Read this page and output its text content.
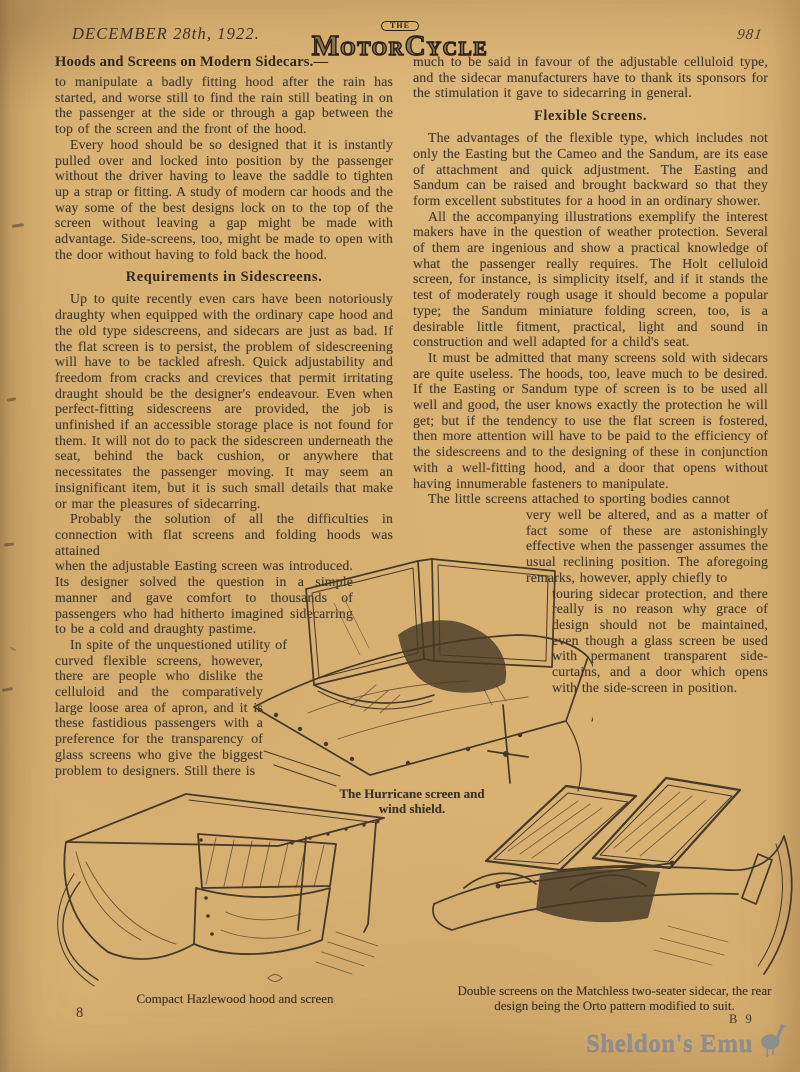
DECEMBER 28th, 1922.	THE
MOTORCYCLE
981
Hoods and Screens on Modern Sidecars.—
to manipulate a badly fitting hood after the rain has started, and worse still to find the rain still beating in on the passenger at the side or through a gap between the top of the screen and the front of the hood.
Every hood should be so designed that it is instantly pulled over and locked into position by the passenger without the driver having to leave the saddle to tighten up a strap or fitting. A study of modern car hoods and the way some of the best designs lock on to the top of the screen without leaving a gap might be made with advantage. Side-screens, too, might be made to open with the door without having to fold back the hood.
Requirements in Sidescreens.
Up to quite recently even cars have been notoriously draughty when equipped with the ordinary cape hood and the old type sidescreens, and sidecars are just as bad. If the flat screen is to persist, the problem of sidescreening will have to be tackled afresh. Quick adjustability and freedom from cracks and crevices that permit irritating draught should be the designer's endeavour. Even when perfect-fitting sidescreens are provided, the job is unfinished if an accessible storage place is not found for them. It will not do to pack the sidescreen underneath the seat, behind the back cushion, or anywhere that necessitates the passenger moving. It may seem an insignificant item, but it is such small details that make or mar the pleasures of sidecarring.
Probably the solution of all the difficulties in connection with flat screens and folding hoods was attained
when the adjustable Easting screen was introduced. Its designer solved the question in a simple manner and gave comfort to thousands of passengers who had hitherto imagined sidecarring to be a cold and draughty pastime.
In spite of the unquestioned utility of
curved flexible screens, however, there are people who dislike the celluloid and the comparatively large loose area of apron, and it is these fastidious passengers with a preference for the transparency of glass screens who give the biggest problem to designers. Still there is
much to be said in favour of the adjustable celluloid type, and the sidecar manufacturers have to thank its sponsors for the stimulation it gave to sidecarring in general.
Flexible Screens.
The advantages of the flexible type, which includes not only the Easting but the Cameo and the Sandum, are its ease of attachment and quick adjustment. The Easting and Sandum can be raised and brought backward so that they form excellent substitutes for a hood in an ordinary shower.
All the accompanying illustrations exemplify the interest makers have in the question of weather protection. Several of them are ingenious and show a practical knowledge of what the passenger really requires. The Holt celluloid screen, for instance, is simplicity itself, and if it stands the test of moderately rough usage it should become a popular type; the Sandum miniature folding screen, too, is a desirable little fitment, practical, light and sound in construction and well adapted for a child's seat.
It must be admitted that many screens sold with sidecars are quite useless. The hoods, too, leave much to be desired. If the Easting or Sandum type of screen is to be used all well and good, the user knows exactly the protection he will get; but if the tendency to use the flat screen is fostered, then more attention will have to be paid to the efficiency of the sidescreens and to the designing of these in conjunction with a well-fitting hood, and a door that opens without having innumerable fasteners to manipulate.
The little screens attached to sporting bodies cannot
very well be altered, and as a matter of fact some of these are astonishingly effective when the passenger assumes the usual reclining position. The aforegoing remarks, however, apply chiefly to
touring sidecar protection, and there really is no reason why grace of design should not be maintained, even though a glass screen be used with permanent transparent side-curtains, and a door which opens with the side-screen in position.
The Hurricane screen and wind shield.
Compact Hazlewood hood and screen
Double screens on the Matchless two-seater sidecar, the rear design being the Orto pattern modified to suit.
8	B 9
Sheldon's Emu
